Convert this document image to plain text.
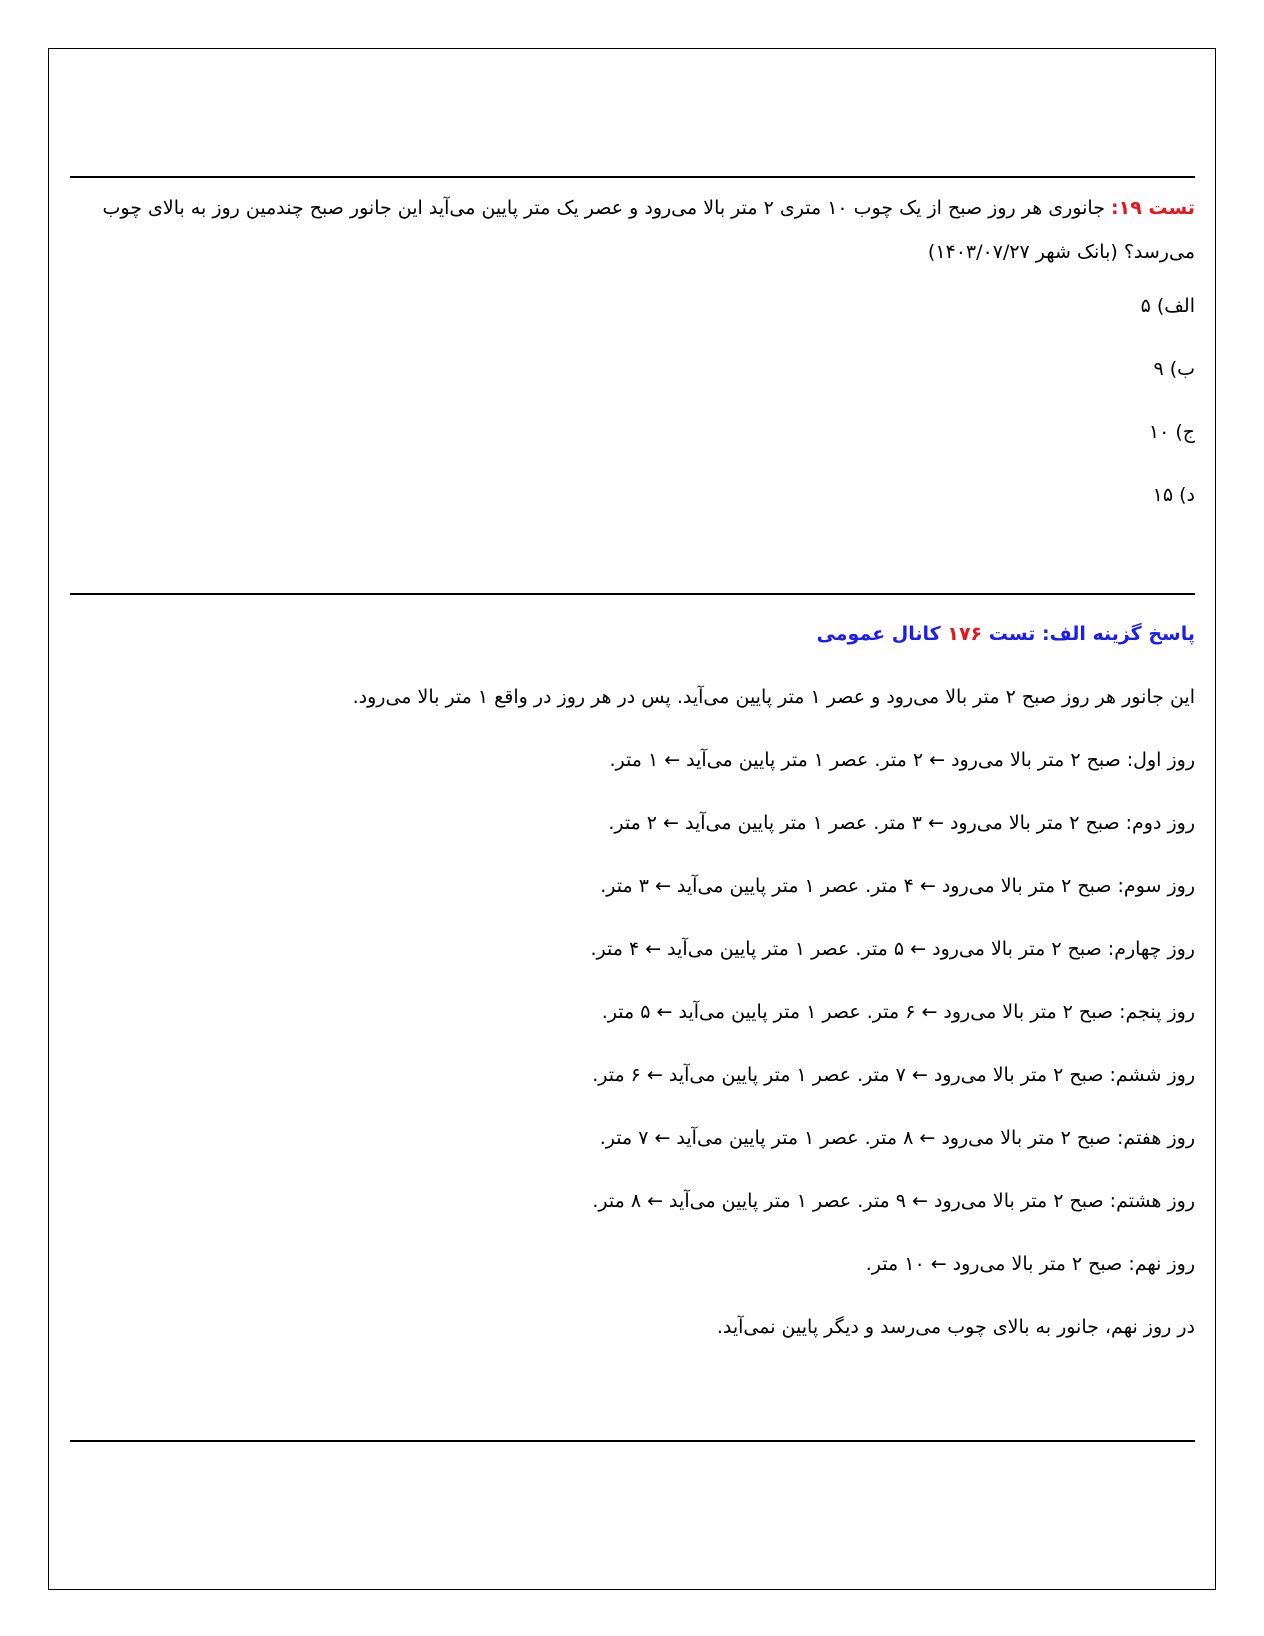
تست ۱۹: جانوری هر روز صبح از یک چوب ۱۰ متری ۲ متر بالا می‌رود و عصر یک متر پایین می‌آید این جانور صبح چندمین روز به بالای چوب می‌رسد؟ (بانک شهر ۱۴۰۳/۰۷/۲۷)
الف) ۵
ب) ۹
ج) ۱۰
د) ۱۵
پاسخ گزینه الف: تست ۱۷۶ کانال عمومی
این جانور هر روز صبح ۲ متر بالا می‌رود و عصر ۱ متر پایین می‌آید. پس در هر روز در واقع ۱ متر بالا می‌رود.
روز اول: صبح ۲ متر بالا می‌رود ← ۲ متر. عصر ۱ متر پایین می‌آید ← ۱ متر.
روز دوم: صبح ۲ متر بالا می‌رود ← ۳ متر. عصر ۱ متر پایین می‌آید ← ۲ متر.
روز سوم: صبح ۲ متر بالا می‌رود ← ۴ متر. عصر ۱ متر پایین می‌آید ← ۳ متر.
روز چهارم: صبح ۲ متر بالا می‌رود ← ۵ متر. عصر ۱ متر پایین می‌آید ← ۴ متر.
روز پنجم: صبح ۲ متر بالا می‌رود ← ۶ متر. عصر ۱ متر پایین می‌آید ← ۵ متر.
روز ششم: صبح ۲ متر بالا می‌رود ← ۷ متر. عصر ۱ متر پایین می‌آید ← ۶ متر.
روز هفتم: صبح ۲ متر بالا می‌رود ← ۸ متر. عصر ۱ متر پایین می‌آید ← ۷ متر.
روز هشتم: صبح ۲ متر بالا می‌رود ← ۹ متر. عصر ۱ متر پایین می‌آید ← ۸ متر.
روز نهم: صبح ۲ متر بالا می‌رود ← ۱۰ متر.
در روز نهم، جانور به بالای چوب می‌رسد و دیگر پایین نمی‌آید.
